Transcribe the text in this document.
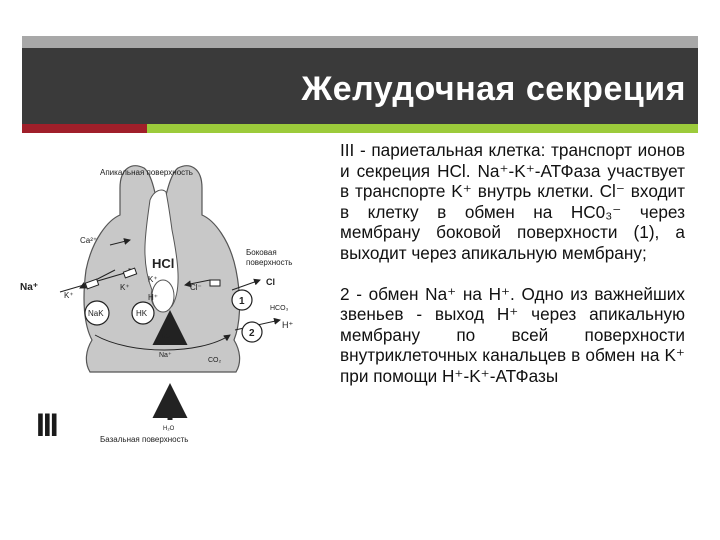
Желудочная секреция
Апикальная поверхность
Базальная поверхность
Боковая
поверхность
HCl
Na⁺
K⁺
Ca²⁺
K⁺	Cl⁻
K⁺
H⁺
Cl
HCO₃
H⁺
NaK	HK
H₂O
Na⁺
H₂O
CO₂
1
2
III

III - париетальная клетка: транспорт ионов и секреция HCl. Na⁺-K⁺-АТФаза участвует в транспорте K⁺ внутрь клетки. Cl⁻ входит в клетку в обмен на HC0₃⁻ через мембрану боковой поверхности (1), а выходит через апикальную мембрану;

2 - обмен Na⁺ на H⁺. Одно из важнейших звеньев - выход H⁺ через апикальную мембрану по всей поверхности внутриклеточных канальцев в обмен на K⁺ при помощи H⁺-K⁺-АТФазы
